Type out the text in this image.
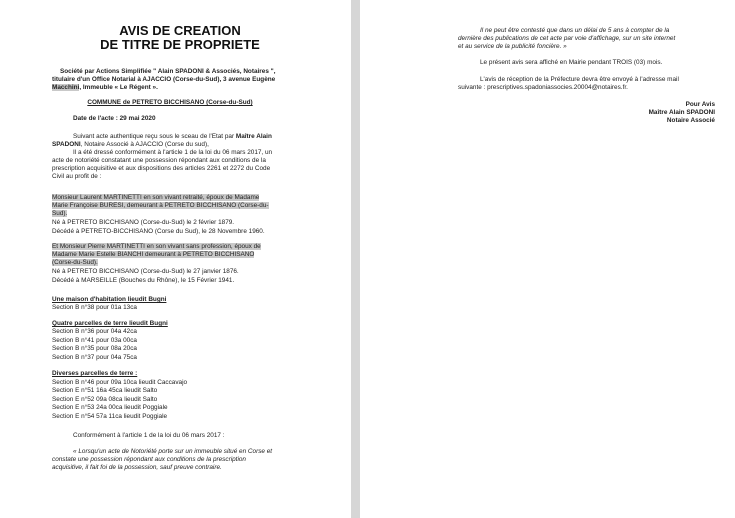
AVIS DE CREATION
DE TITRE DE PROPRIETE
Société par Actions Simplifiée " Alain SPADONI & Associés, Notaires ",
titulaire d'un Office Notarial à AJACCIO (Corse-du-Sud), 3 avenue Eugène
Macchini, Immeuble « Le Régent ».
COMMUNE de PETRETO BICCHISANO (Corse-du-Sud)
Date de l'acte : 29 mai 2020
Suivant acte authentique reçu sous le sceau de l'Etat par Maître Alain
SPADONI, Notaire Associé à AJACCIO (Corse du sud),
Il a été dressé conformément à l'article 1 de la loi du 06 mars 2017, un
acte de notoriété constatant une possession répondant aux conditions de la
prescription acquisitive et aux dispositions des articles 2261 et 2272 du Code
Civil au profit de :
Monsieur Laurent MARTINETTI en son vivant retraité, époux de Madame
Marie Françoise BURESI, demeurant à PETRETO BICCHISANO (Corse-du-
Sud).
Né à PETRETO BICCHISANO (Corse-du-Sud) le 2 février 1879.
Décédé à PETRETO-BICCHISANO (Corse du Sud), le 28 Novembre 1960.
Et Monsieur Pierre MARTINETTI en son vivant sans profession, époux de
Madame Marie Estelle BIANCHI demeurant à PETRETO BICCHISANO
(Corse-du-Sud).
Né à PETRETO BICCHISANO (Corse-du-Sud) le 27 janvier 1876.
Décédé à MARSEILLE (Bouches du Rhône), le 15 Février 1941.
Une maison d'habitation lieudit Bugni
Section B n°38 pour 01a 13ca
Quatre parcelles de terre lieudit Bugni
Section B n°36 pour 04a 42ca
Section B n°41 pour 03a 00ca
Section B n°35 pour 08a 20ca
Section B n°37 pour 04a 75ca
Diverses parcelles de terre :
Section B n°46 pour 09a 10ca lieudit Caccavajo
Section E n°51 16a 45ca lieudit Salto
Section E n°52 09a 08ca lieudit Salto
Section E n°53 24a 00ca lieudit Poggiale
Section E n°54 57a 11ca lieudit Poggiale
Conformément à l'article 1 de la loi du 06 mars 2017 :
« Lorsqu'un acte de Notoriété porte sur un immeuble situé en Corse et
constate une possession répondant aux conditions de la prescription
acquisitive, il fait foi de la possession, sauf preuve contraire.
Il ne peut être contesté que dans un délai de 5 ans à compter de la
dernière des publications de cet acte par voie d'affichage, sur un site internet
et au service de la publicité foncière. »
Le présent avis sera affiché en Mairie pendant TROIS (03) mois.
L'avis de réception de la Préfecture devra être envoyé à l'adresse mail
suivante : prescriptives.spadoniassocies.20004@notaires.fr.
Pour Avis
Maître Alain SPADONI
Notaire Associé
